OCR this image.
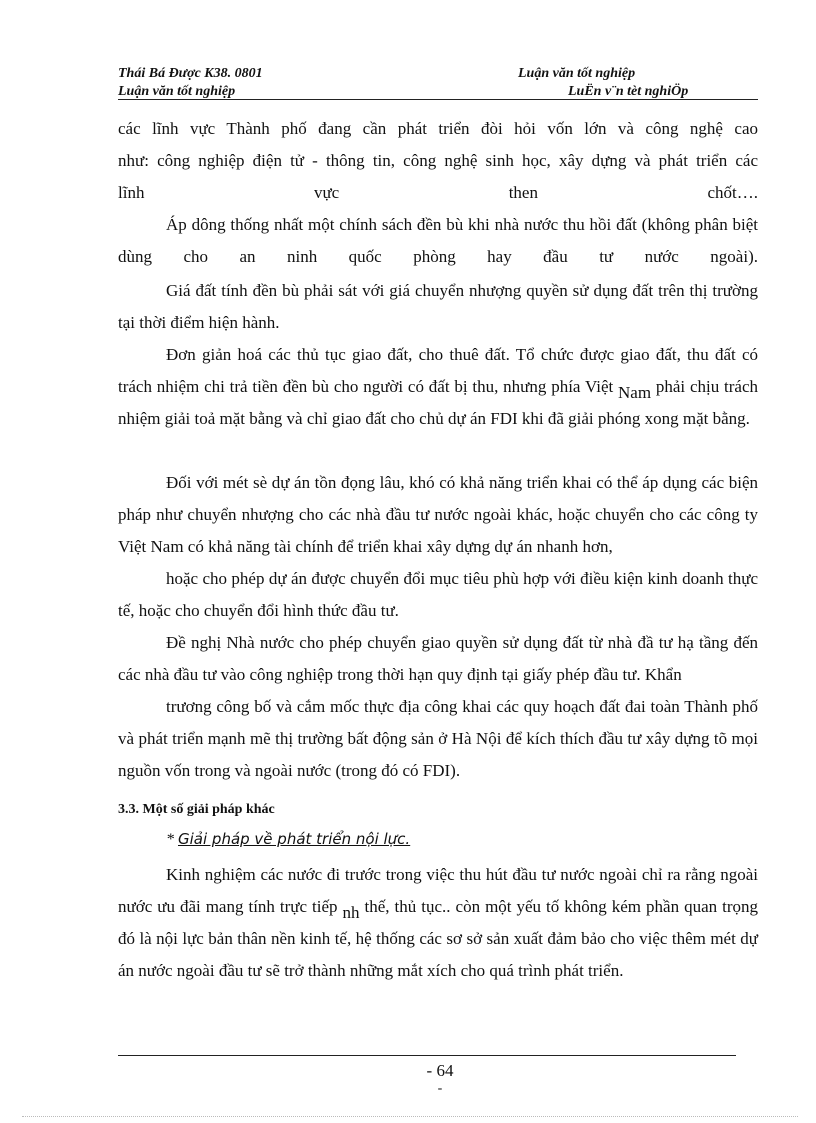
Thái Bá Được K38. 0801	Luận văn tốt nghiệp
Luận văn tốt nghiệp	LuËn v¨n tèt nghiÖp

các lĩnh vực Thành phố đang cần phát triển đòi hỏi vốn lớn và công nghệ cao

như: công nghiệp điện tử - thông tin, công nghệ sinh học, xây dựng và phát triển các

lĩnh vực then chốt….

Áp dông thống nhất một chính sách đền bù khi nhà nước thu hồi đất (không phân biệt dùng cho an ninh quốc phòng hay đầu tư nước ngoài).

Giá đất tính đền bù phải sát với giá chuyển nhượng quyền sử dụng đất trên thị trường tại thời điểm hiện hành.

Đơn giản hoá các thủ tục giao đất, cho thuê đất. Tổ chức được giao đất, thu đất có trách nhiệm chi trả tiền đền bù cho người có đất bị thu, nhưng phía Việt Nam phải chịu trách nhiệm giải toả mặt bằng và chỉ giao đất cho chủ dự án FDI khi đã giải phóng xong mặt bằng.

Đối với mét sè dự án tồn đọng lâu, khó có khả năng triển khai có thể áp dụng các biện pháp như chuyển nhượng cho các nhà đầu tư nước ngoài khác, hoặc chuyển cho các công ty Việt Nam có khả năng tài chính để triển khai xây dựng dự án nhanh hơn,

hoặc cho phép dự án được chuyển đổi mục tiêu phù hợp với điều kiện kinh doanh thực tế, hoặc cho chuyển đổi hình thức đầu tư.

Đề nghị Nhà nước cho phép chuyển giao quyền sử dụng đất từ nhà đầ tư hạ tầng đến các nhà đầu tư vào công nghiệp trong thời hạn quy định tại giấy phép đầu tư. Khẩn

trương công bố và cắm mốc thực địa công khai các quy hoạch đất đai toàn Thành phố và phát triển mạnh mẽ thị trường bất động sản ở Hà Nội để kích thích đầu tư xây dựng tõ mọi nguồn vốn trong và ngoài nước (trong đó có FDI).

3.3. Một số giải pháp khác
* Giải pháp về phát triển nội lực.

Kinh nghiệm các nước đi trước trong việc thu hút đầu tư nước ngoài chỉ ra rằng ngoài nước ưu đãi mang tính trực tiếp nh thế, thủ tục.. còn một yếu tố không kém phần quan trọng đó là nội lực bản thân nền kinh tế, hệ thống các sơ sở sản xuất đảm bảo cho việc thêm mét dự án nước ngoài đầu tư sẽ trở thành những mắt xích cho quá trình phát triển.

- 64
-
